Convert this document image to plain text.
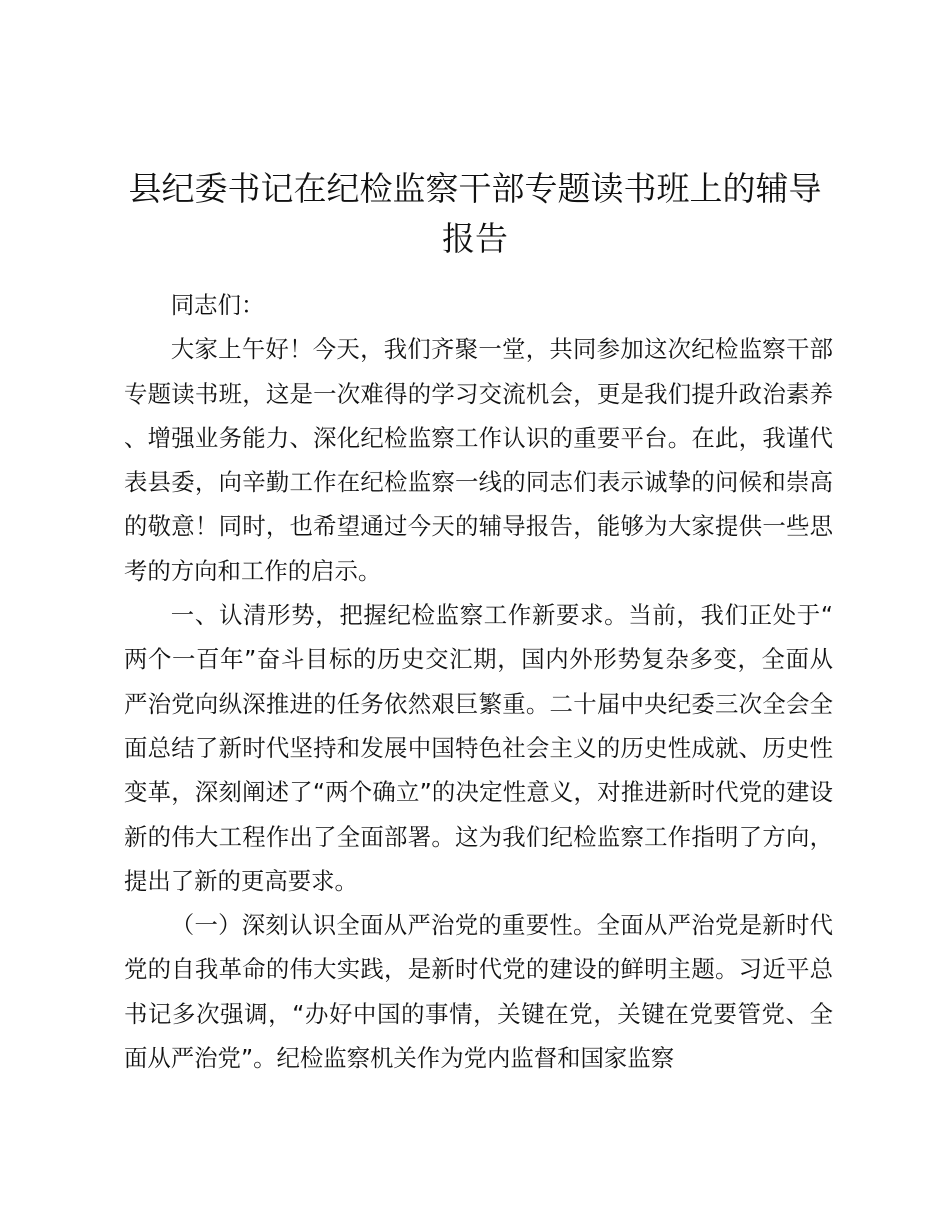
县纪委书记在纪检监察干部专题读书班上的辅导报告

同志们：

大家上午好！今天，我们齐聚一堂，共同参加这次纪检监察干部专题读书班，这是一次难得的学习交流机会，更是我们提升政治素养、增强业务能力、深化纪检监察工作认识的重要平台。在此，我谨代表县委，向辛勤工作在纪检监察一线的同志们表示诚挚的问候和崇高的敬意！同时，也希望通过今天的辅导报告，能够为大家提供一些思考的方向和工作的启示。

一、认清形势，把握纪检监察工作新要求。当前，我们正处于“两个一百年”奋斗目标的历史交汇期，国内外形势复杂多变，全面从严治党向纵深推进的任务依然艰巨繁重。二十届中央纪委三次全会全面总结了新时代坚持和发展中国特色社会主义的历史性成就、历史性变革，深刻阐述了“两个确立”的决定性意义，对推进新时代党的建设新的伟大工程作出了全面部署。这为我们纪检监察工作指明了方向，提出了新的更高要求。

（一）深刻认识全面从严治党的重要性。全面从严治党是新时代党的自我革命的伟大实践，是新时代党的建设的鲜明主题。习近平总书记多次强调，“办好中国的事情，关键在党，关键在党要管党、全面从严治党”。纪检监察机关作为党内监督和国家监察
